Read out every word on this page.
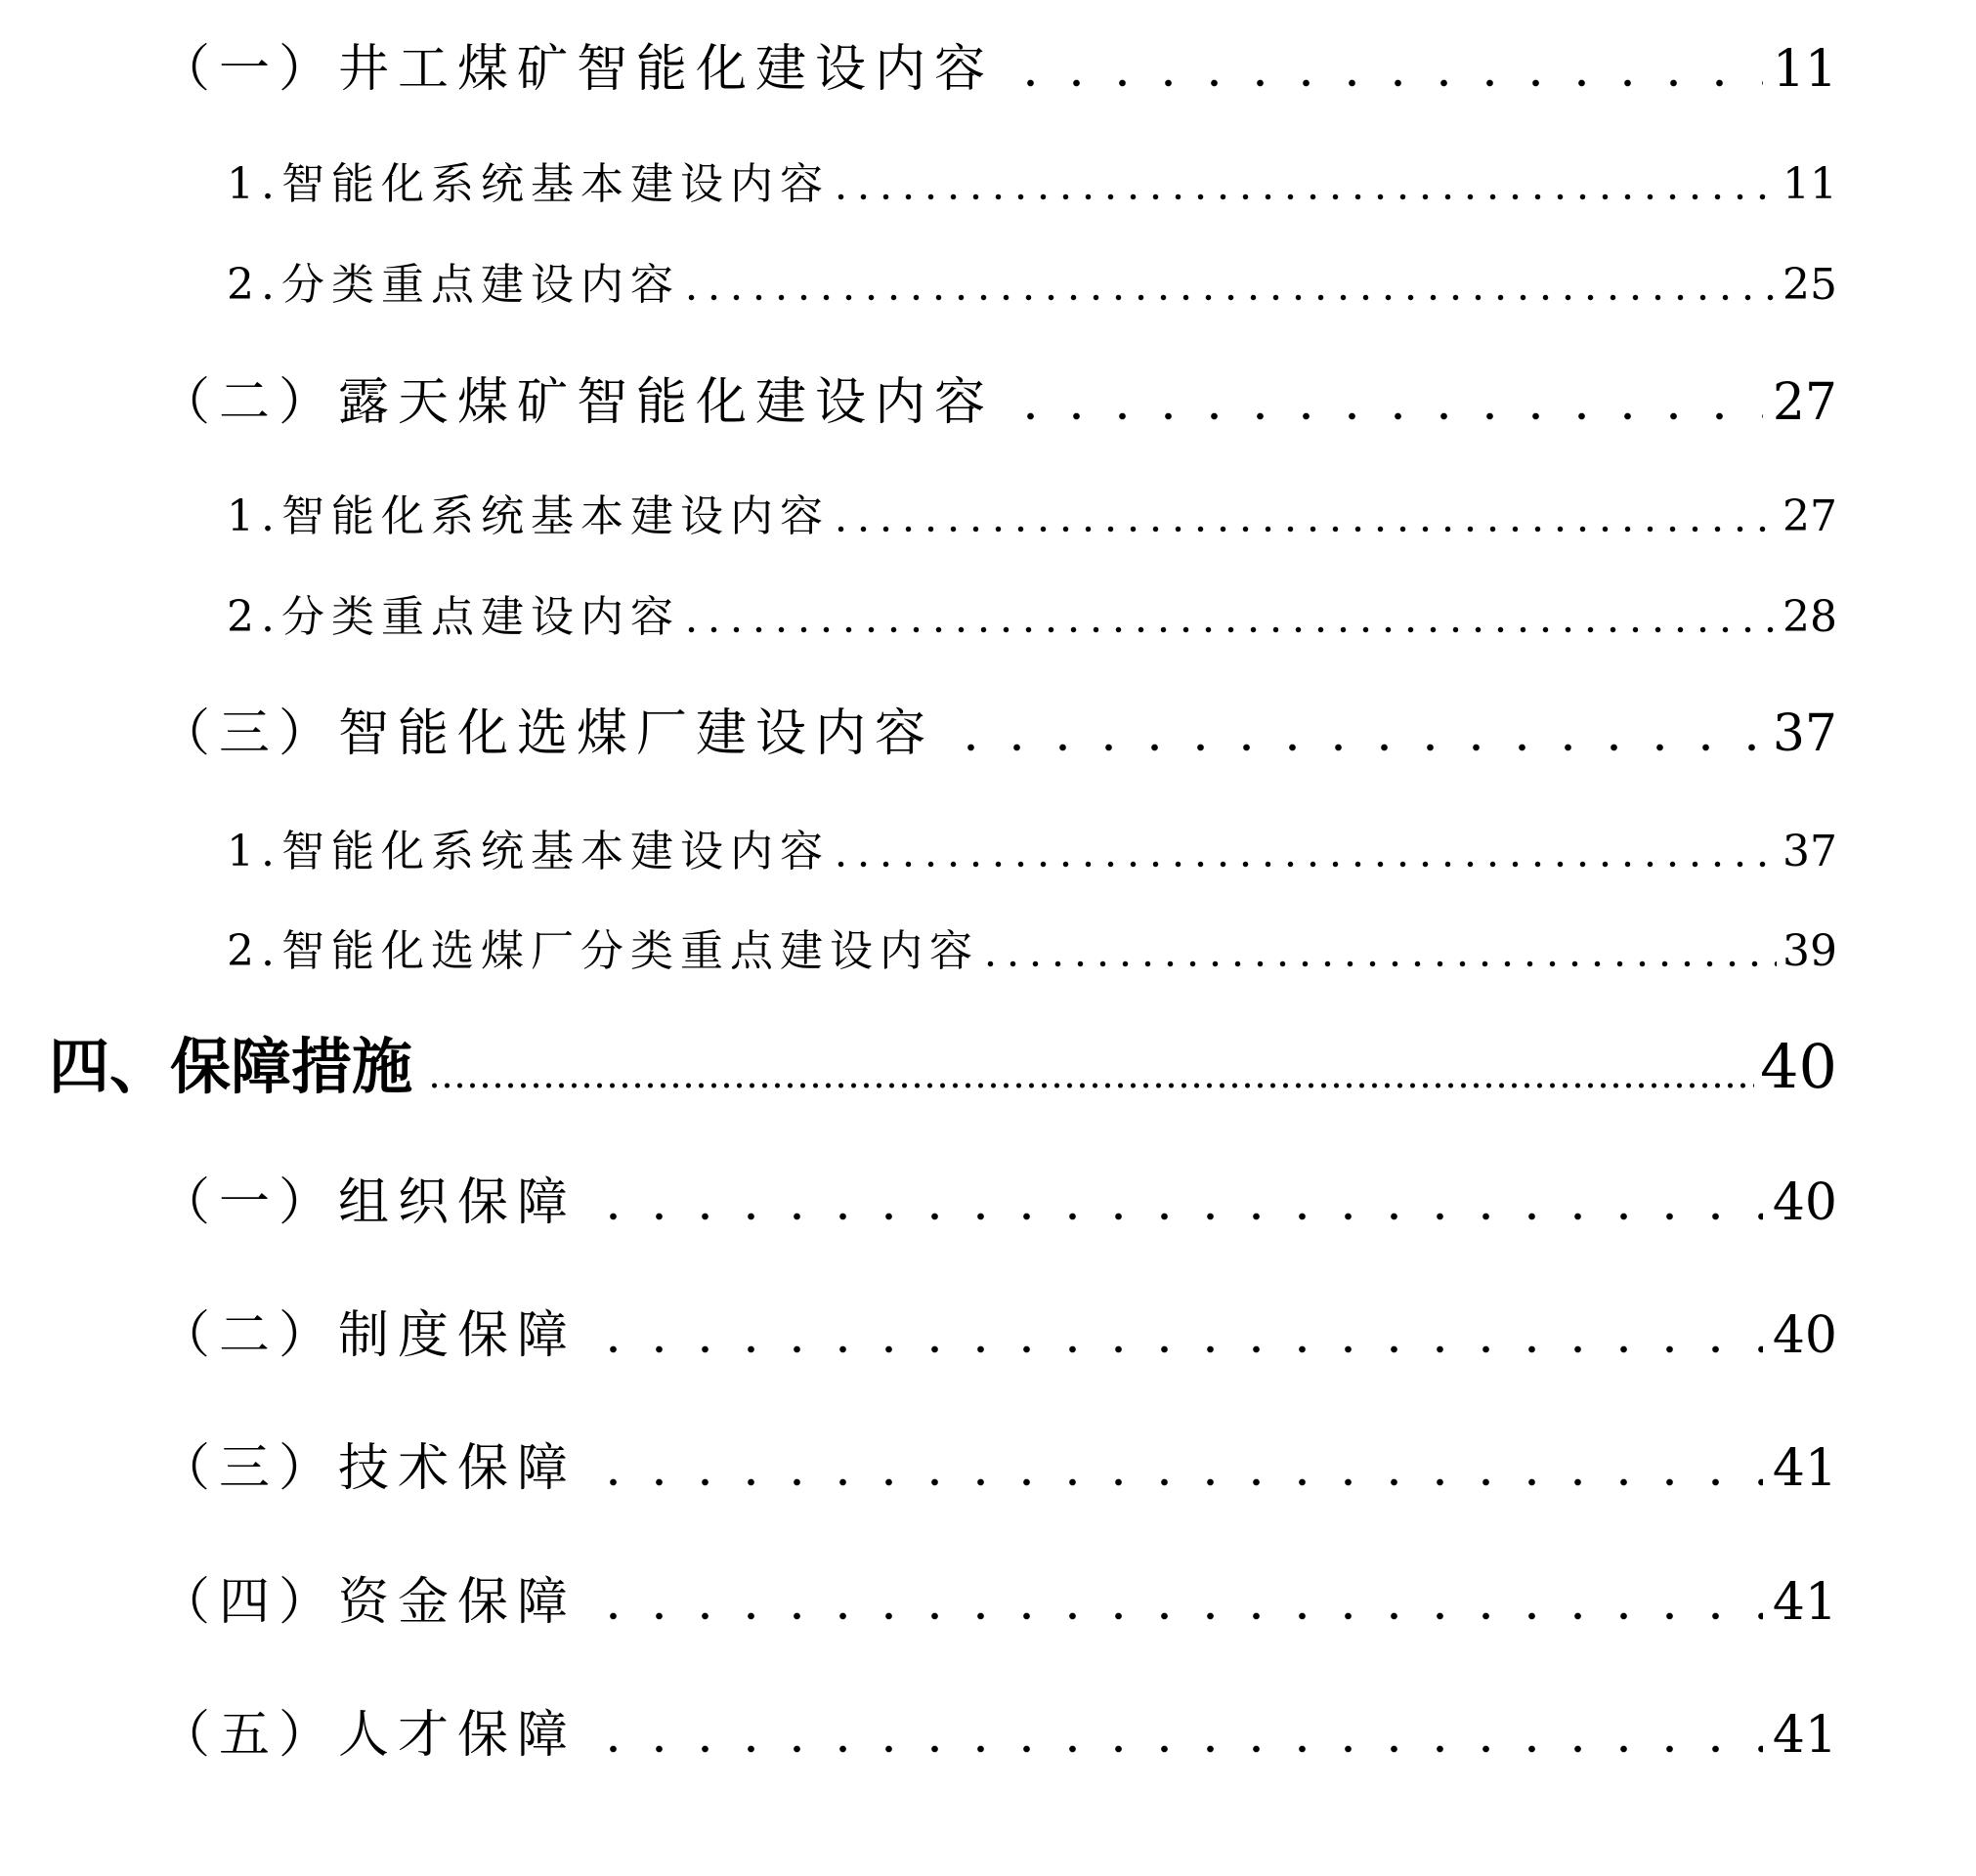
（一）井工煤矿智能化建设内容	11
1.智能化系统基本建设内容	11
2.分类重点建设内容	25
（二）露天煤矿智能化建设内容	27
1.智能化系统基本建设内容	27
2.分类重点建设内容	28
（三）智能化选煤厂建设内容	37
1.智能化系统基本建设内容	37
2.智能化选煤厂分类重点建设内容	39
四、保障措施	40
（一）组织保障	40
（二）制度保障	40
（三）技术保障	41
（四）资金保障	41
（五）人才保障	41
